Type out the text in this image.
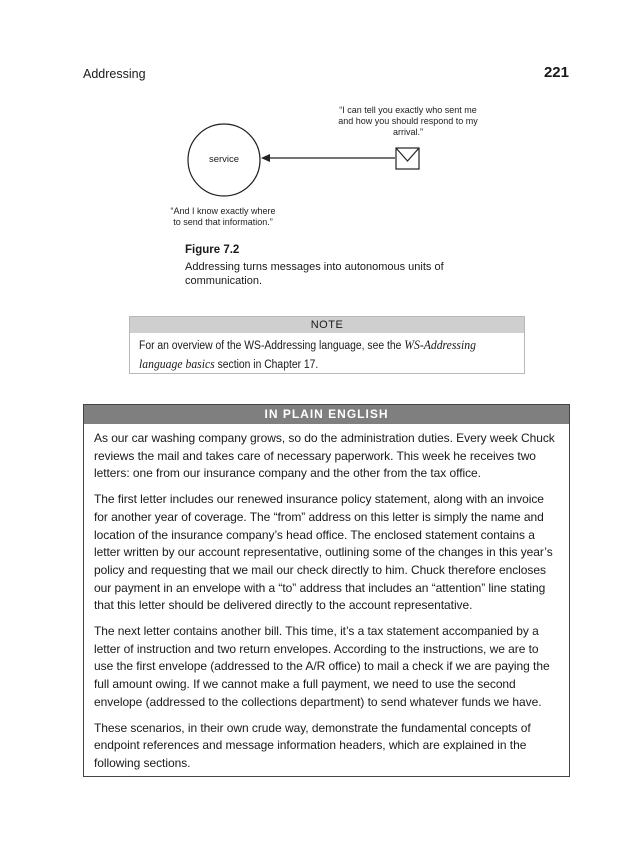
Addressing	221
“I can tell you exactly who sent me and how you should respond to my arrival.”
service
“And I know exactly where to send that information.”
Figure 7.2
Addressing turns messages into autonomous units of communication.
NOTE
For an overview of the WS-Addressing language, see the WS-Addressing language basics section in Chapter 17.
IN PLAIN ENGLISH

As our car washing company grows, so do the administration duties. Every week Chuck reviews the mail and takes care of necessary paperwork. This week he receives two letters: one from our insurance company and the other from the tax office.

The first letter includes our renewed insurance policy statement, along with an invoice for another year of coverage. The “from” address on this letter is simply the name and location of the insurance company’s head office. The enclosed statement contains a letter written by our account representative, outlining some of the changes in this year’s policy and requesting that we mail our check directly to him. Chuck therefore encloses our payment in an envelope with a “to” address that includes an “attention” line stating that this letter should be delivered directly to the account representative.

The next letter contains another bill. This time, it’s a tax statement accompanied by a letter of instruction and two return envelopes. According to the instructions, we are to use the first envelope (addressed to the A/R office) to mail a check if we are paying the full amount owing. If we cannot make a full payment, we need to use the second envelope (addressed to the collections department) to send whatever funds we have.

These scenarios, in their own crude way, demonstrate the fundamental concepts of endpoint references and message information headers, which are explained in the following sections.
